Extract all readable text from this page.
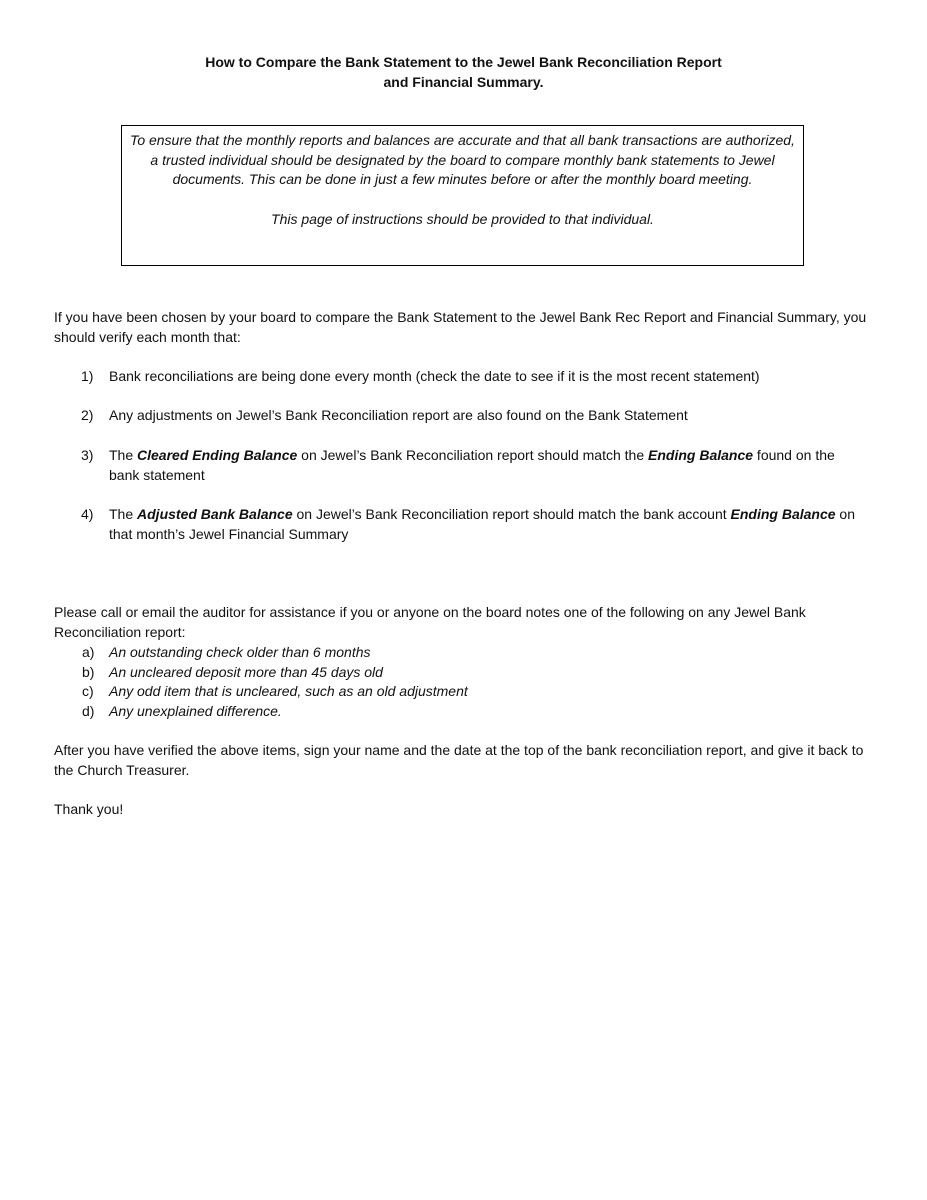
How to Compare the Bank Statement to the Jewel Bank Reconciliation Report
and Financial Summary.

To ensure that the monthly reports and balances are accurate and that all bank transactions are authorized, a trusted individual should be designated by the board to compare monthly bank statements to Jewel documents. This can be done in just a few minutes before or after the monthly board meeting.

This page of instructions should be provided to that individual.

If you have been chosen by your board to compare the Bank Statement to the Jewel Bank Rec Report and Financial Summary, you should verify each month that:

1) Bank reconciliations are being done every month (check the date to see if it is the most recent statement)
2) Any adjustments on Jewel’s Bank Reconciliation report are also found on the Bank Statement
3) The Cleared Ending Balance on Jewel’s Bank Reconciliation report should match the Ending Balance found on the bank statement
4) The Adjusted Bank Balance on Jewel’s Bank Reconciliation report should match the bank account Ending Balance on that month’s Jewel Financial Summary

Please call or email the auditor for assistance if you or anyone on the board notes one of the following on any Jewel Bank Reconciliation report:

a) An outstanding check older than 6 months
b) An uncleared deposit more than 45 days old
c) Any odd item that is uncleared, such as an old adjustment
d) Any unexplained difference.

After you have verified the above items, sign your name and the date at the top of the bank reconciliation report, and give it back to the Church Treasurer.

Thank you!
